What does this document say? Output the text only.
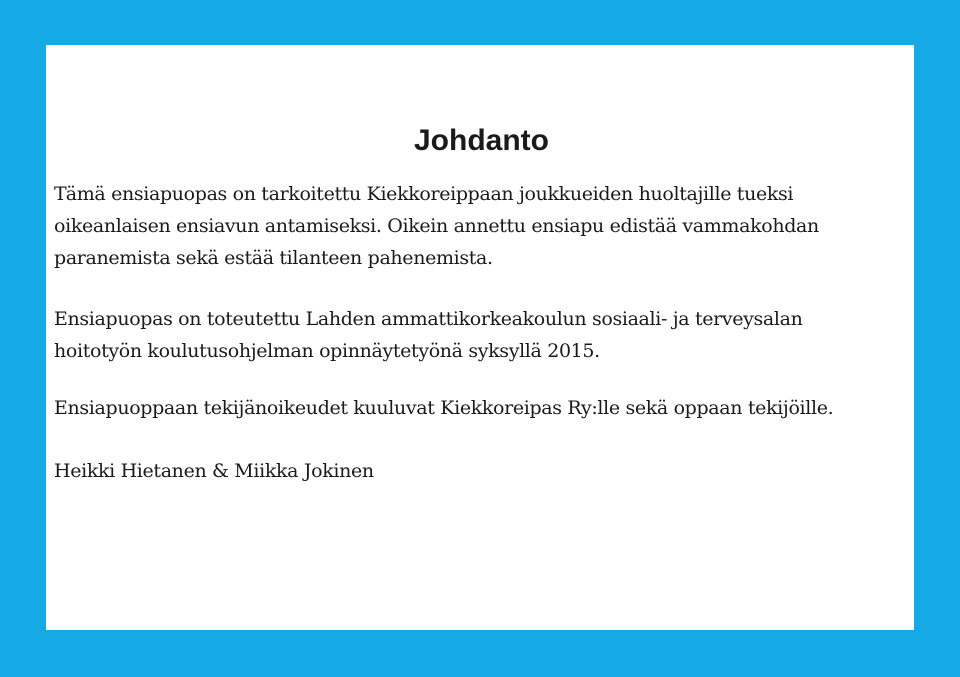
Johdanto

Tämä ensiapuopas on tarkoitettu Kiekkoreippaan joukkueiden huoltajille tueksi
oikeanlaisen ensiavun antamiseksi. Oikein annettu ensiapu edistää vammakohdan
paranemista sekä estää tilanteen pahenemista.

Ensiapuopas on toteutettu Lahden ammattikorkeakoulun sosiaali- ja terveysalan
hoitotyön koulutusohjelman opinnäytetyönä syksyllä 2015.

Ensiapuoppaan tekijänoikeudet kuuluvat Kiekkoreipas Ry:lle sekä oppaan tekijöille.

Heikki Hietanen & Miikka Jokinen
